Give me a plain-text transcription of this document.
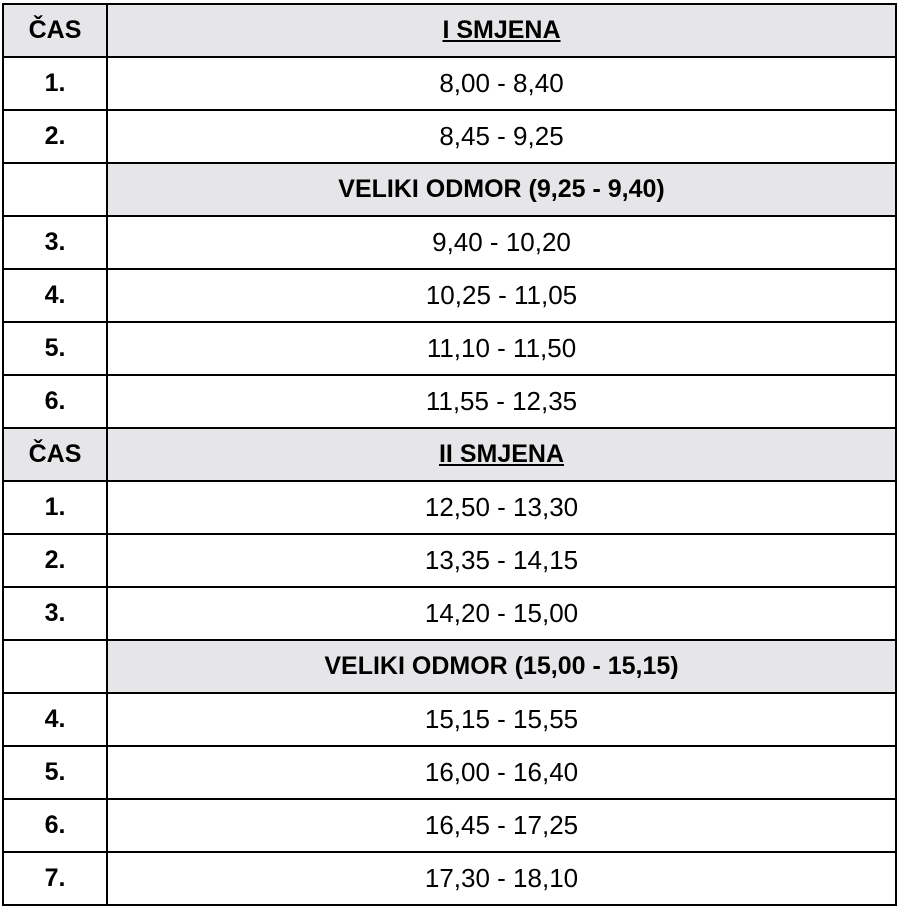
ČAS	I SMJENA
1.	8,00 - 8,40
2.	8,45 - 9,25
VELIKI ODMOR (9,25 - 9,40)
3.	9,40 - 10,20
4.	10,25 - 11,05
5.	11,10 - 11,50
6.	11,55 - 12,35
ČAS	II SMJENA
1.	12,50 - 13,30
2.	13,35 - 14,15
3.	14,20 - 15,00
VELIKI ODMOR (15,00 - 15,15)
4.	15,15 - 15,55
5.	16,00 - 16,40
6.	16,45 - 17,25
7.	17,30 - 18,10
